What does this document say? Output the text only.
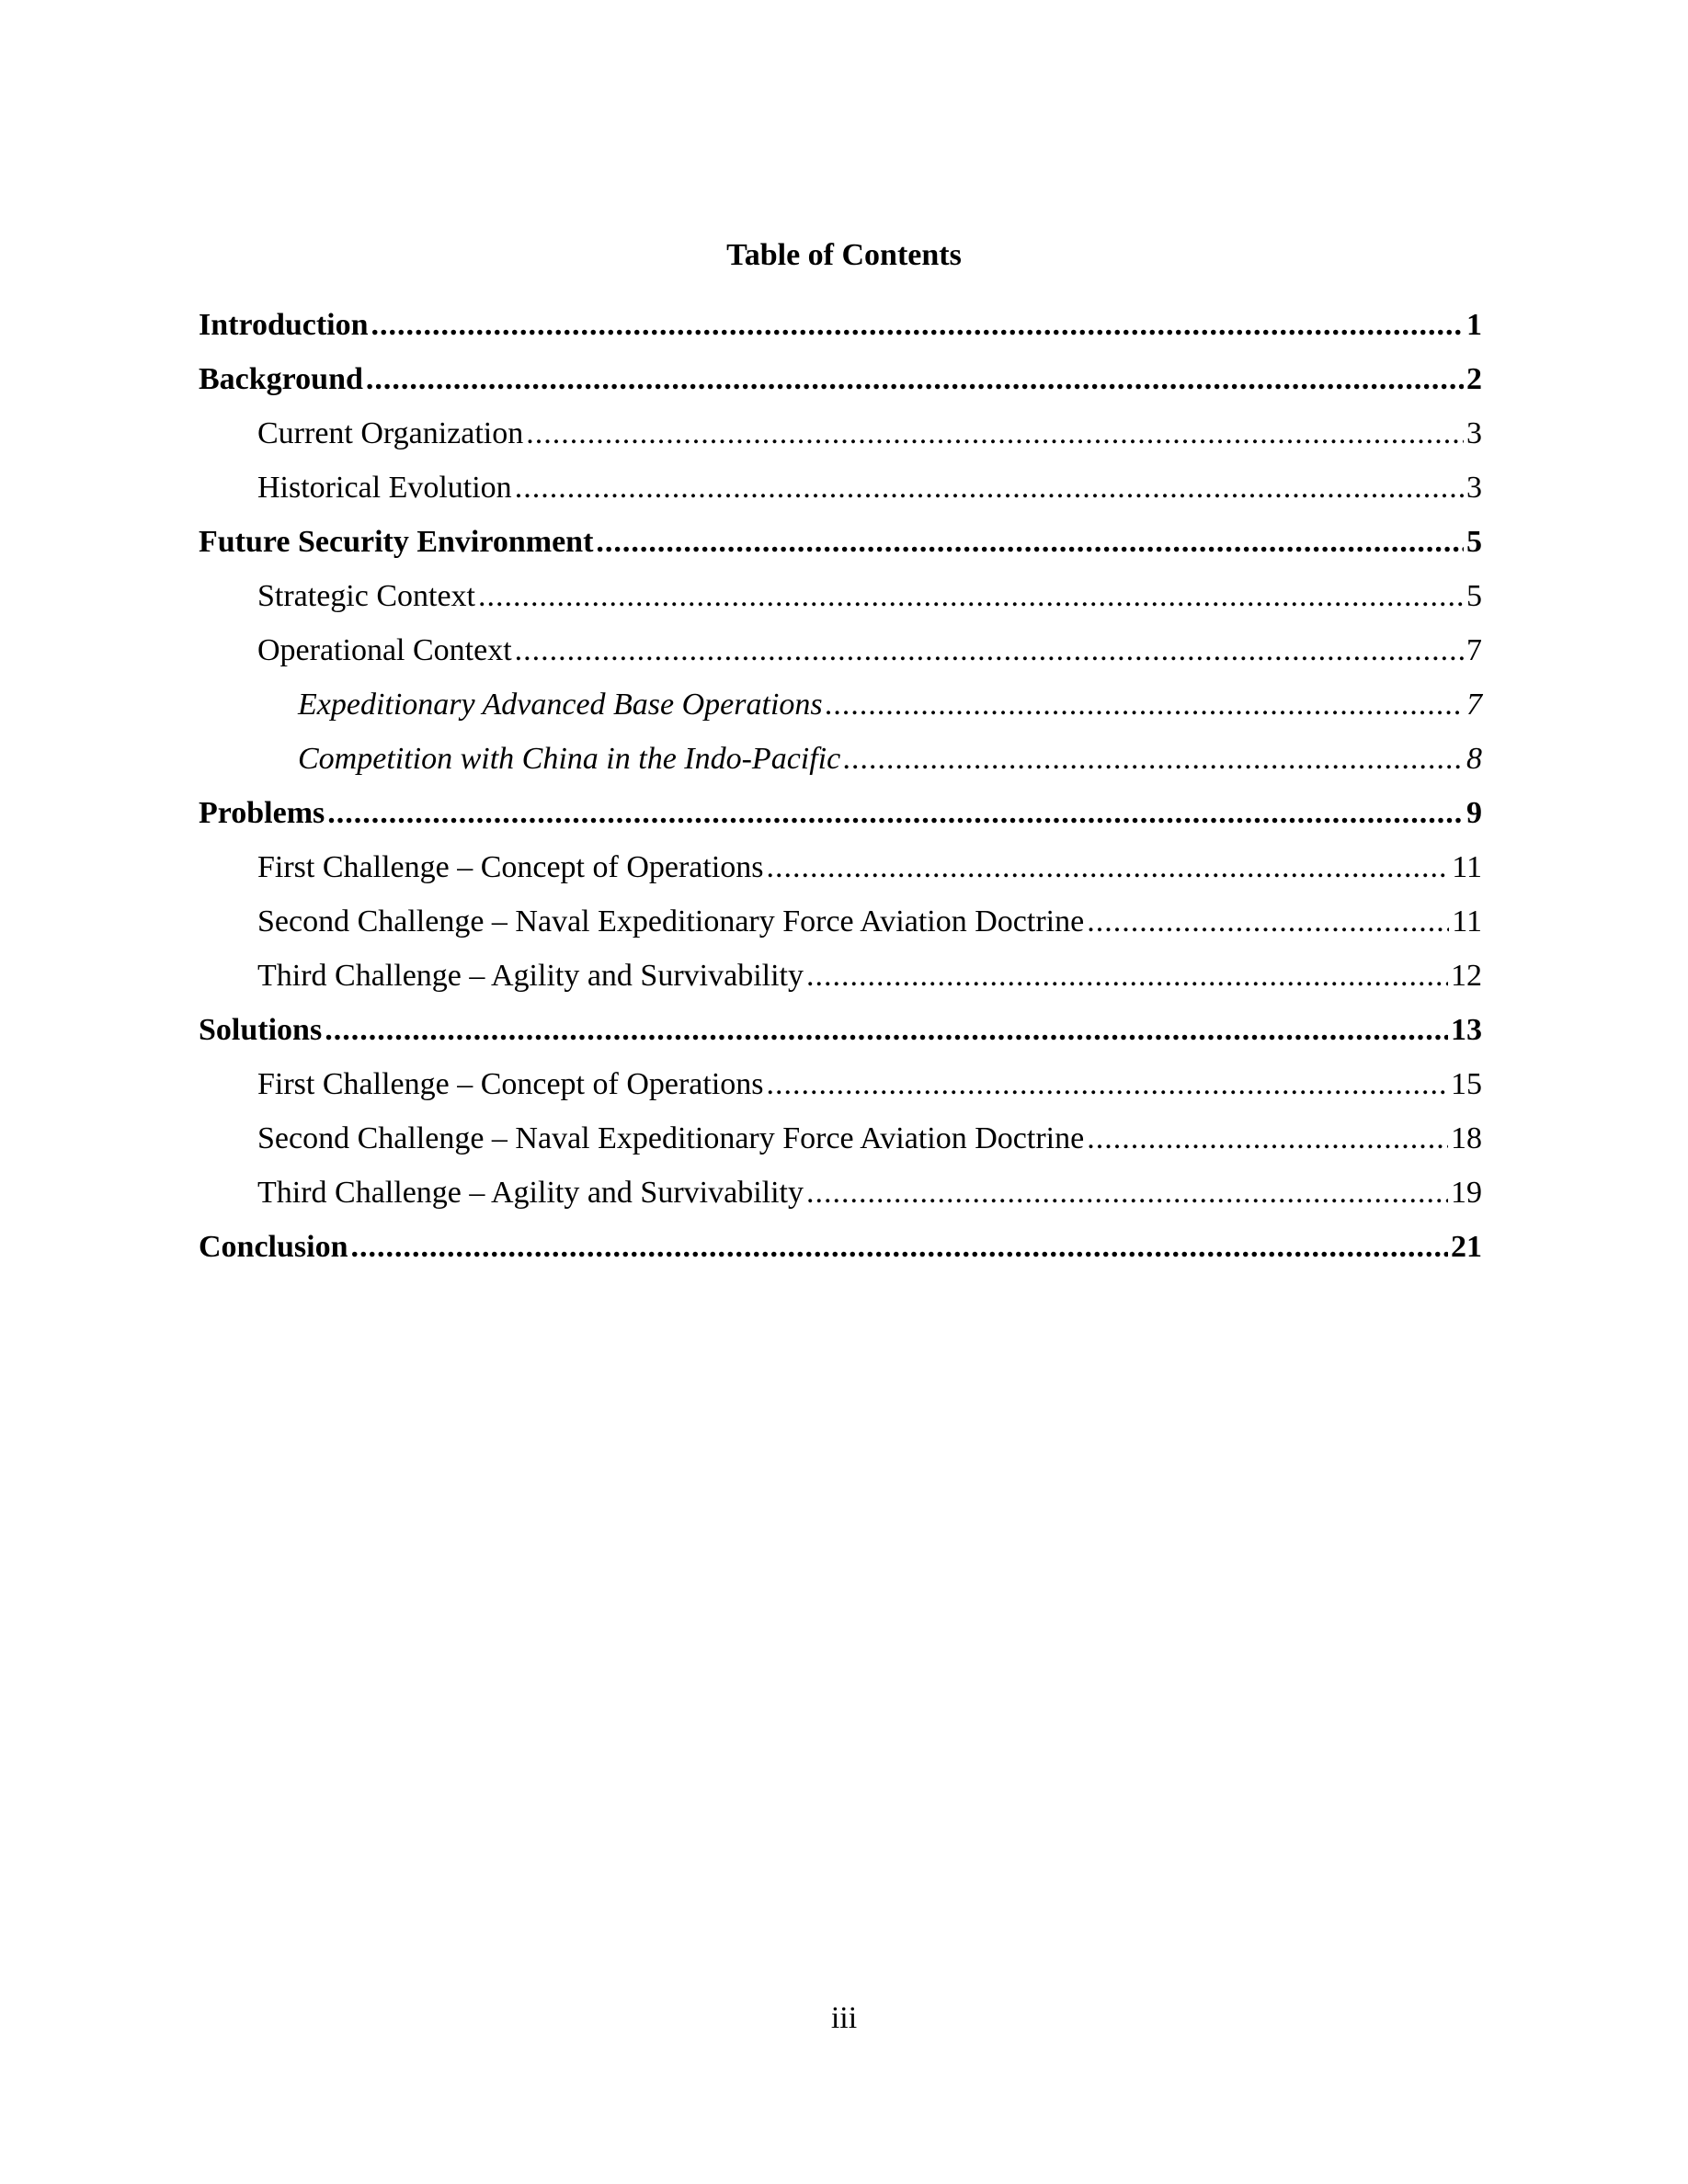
Table of Contents
Introduction .....	1
Background .....	2
Current Organization .....	3
Historical Evolution .....	3
Future Security Environment .....	5
Strategic Context .....	5
Operational Context .....	7
Expeditionary Advanced Base Operations .....	7
Competition with China in the Indo-Pacific .....	8
Problems .....	9
First Challenge – Concept of Operations .....	11
Second Challenge – Naval Expeditionary Force Aviation Doctrine .....	11
Third Challenge – Agility and Survivability .....	12
Solutions .....	13
First Challenge – Concept of Operations .....	15
Second Challenge – Naval Expeditionary Force Aviation Doctrine .....	18
Third Challenge – Agility and Survivability .....	19
Conclusion .....	21
iii
